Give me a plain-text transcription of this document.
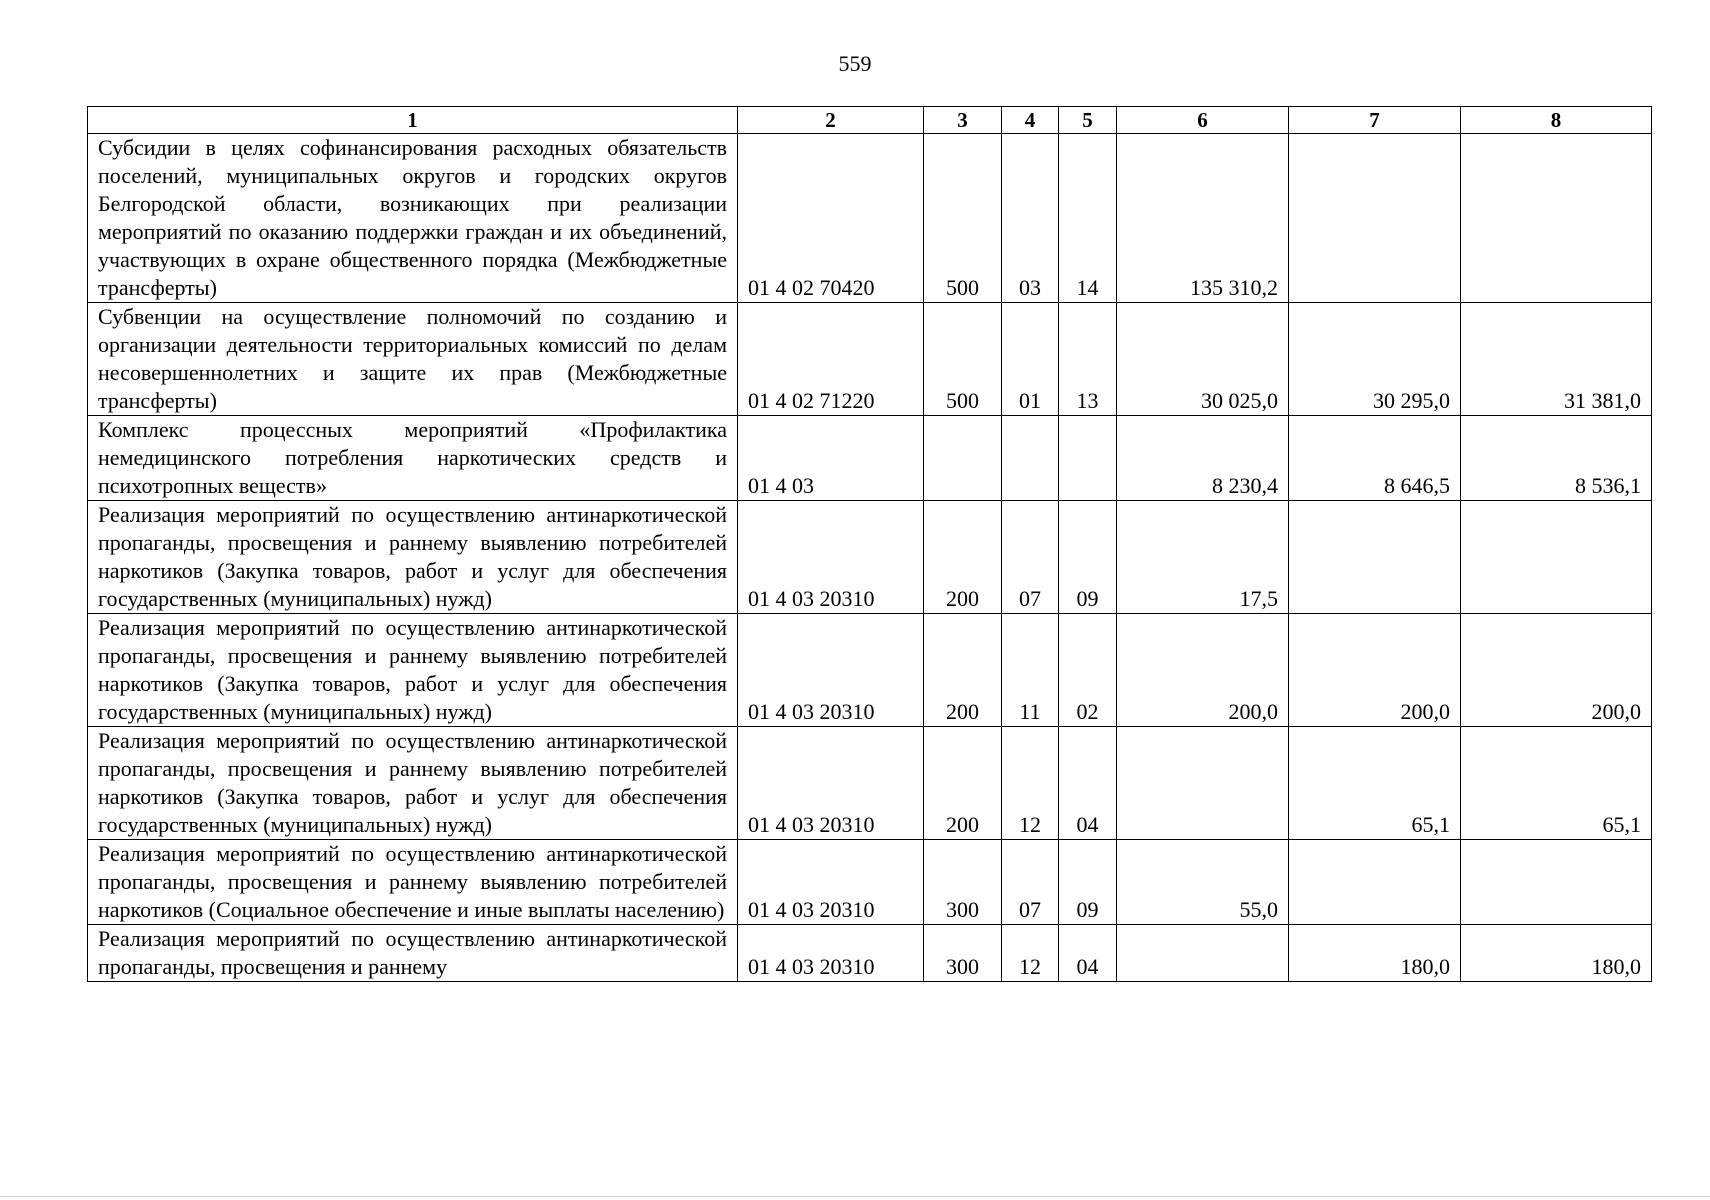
559
1	2	3	4	5	6	7	8
Субсидии в целях софинансирования расходных обязательств поселений, муниципальных округов и городских округов Белгородской области, возникающих при реализации мероприятий по оказанию поддержки граждан и их объединений, участвующих в охране общественного порядка (Межбюджетные трансферты)	01 4 02 70420	500	03	14	135 310,2		
Субвенции на осуществление полномочий по созданию и организации деятельности территориальных комиссий по делам несовершеннолетних и защите их прав (Межбюджетные трансферты)	01 4 02 71220	500	01	13	30 025,0	30 295,0	31 381,0
Комплекс процессных мероприятий «Профилактика немедицинского потребления наркотических средств и психотропных веществ»	01 4 03				8 230,4	8 646,5	8 536,1
Реализация мероприятий по осуществлению антинаркотической пропаганды, просвещения и раннему выявлению потребителей наркотиков (Закупка товаров, работ и услуг для обеспечения государственных (муниципальных) нужд)	01 4 03 20310	200	07	09	17,5		
Реализация мероприятий по осуществлению антинаркотической пропаганды, просвещения и раннему выявлению потребителей наркотиков (Закупка товаров, работ и услуг для обеспечения государственных (муниципальных) нужд)	01 4 03 20310	200	11	02	200,0	200,0	200,0
Реализация мероприятий по осуществлению антинаркотической пропаганды, просвещения и раннему выявлению потребителей наркотиков (Закупка товаров, работ и услуг для обеспечения государственных (муниципальных) нужд)	01 4 03 20310	200	12	04		65,1	65,1
Реализация мероприятий по осуществлению антинаркотической пропаганды, просвещения и раннему выявлению потребителей наркотиков (Социальное обеспечение и иные выплаты населению)	01 4 03 20310	300	07	09	55,0		
Реализация мероприятий по осуществлению антинаркотической пропаганды, просвещения и раннему	01 4 03 20310	300	12	04		180,0	180,0
